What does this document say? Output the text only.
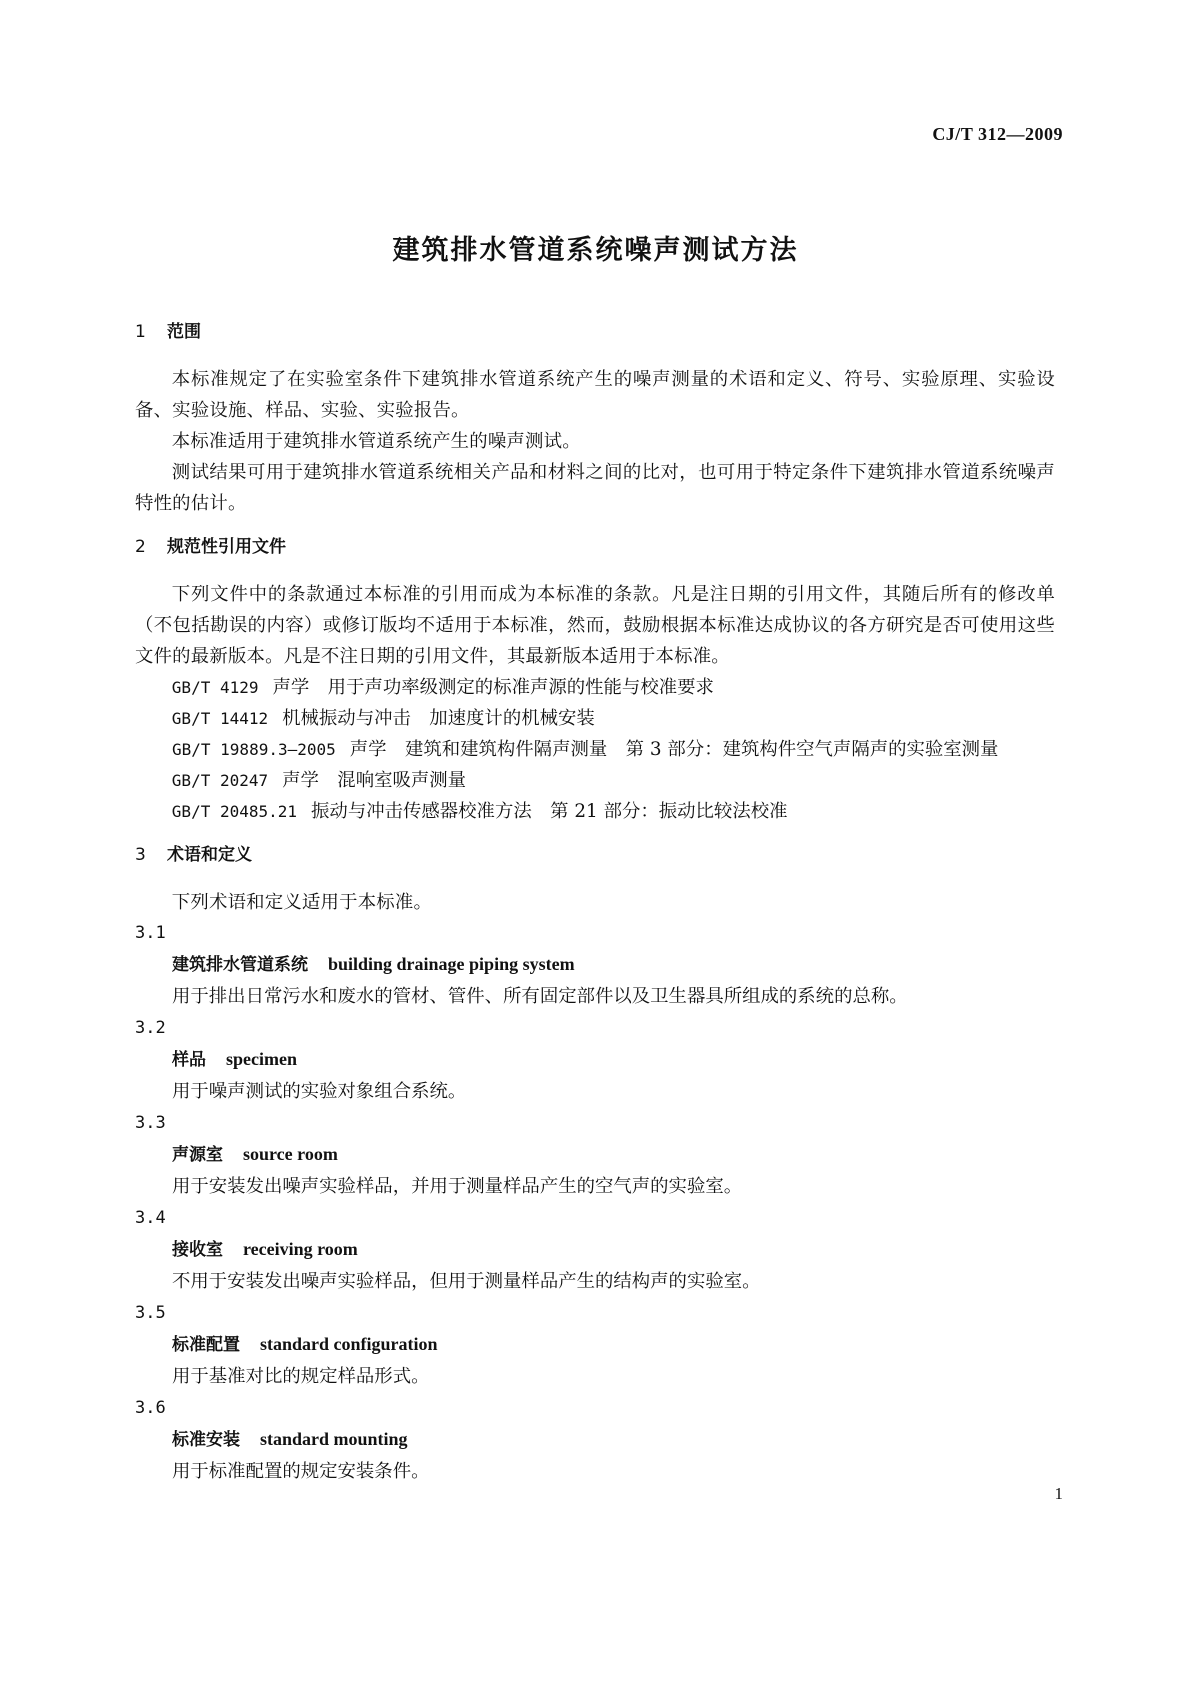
CJ/T 312—2009
建筑排水管道系统噪声测试方法
1 范围

本标准规定了在实验室条件下建筑排水管道系统产生的噪声测量的术语和定义、符号、实验原理、实验设备、实验设施、样品、实验、实验报告。

本标准适用于建筑排水管道系统产生的噪声测试。

测试结果可用于建筑排水管道系统相关产品和材料之间的比对，也可用于特定条件下建筑排水管道系统噪声特性的估计。

2 规范性引用文件

下列文件中的条款通过本标准的引用而成为本标准的条款。凡是注日期的引用文件，其随后所有的修改单（不包括勘误的内容）或修订版均不适用于本标准，然而，鼓励根据本标准达成协议的各方研究是否可使用这些文件的最新版本。凡是不注日期的引用文件，其最新版本适用于本标准。

GB/T 4129 声学　用于声功率级测定的标准声源的性能与校准要求

GB/T 14412 机械振动与冲击　加速度计的机械安装

GB/T 19889.3—2005 声学　建筑和建筑构件隔声测量　第 3 部分：建筑构件空气声隔声的实验室测量

GB/T 20247 声学　混响室吸声测量

GB/T 20485.21 振动与冲击传感器校准方法　第 21 部分：振动比较法校准

3 术语和定义

下列术语和定义适用于本标准。

3.1
建筑排水管道系统 building drainage piping system
用于排出日常污水和废水的管材、管件、所有固定部件以及卫生器具所组成的系统的总称。
3.2
样品 specimen
用于噪声测试的实验对象组合系统。
3.3
声源室 source room
用于安装发出噪声实验样品，并用于测量样品产生的空气声的实验室。
3.4
接收室 receiving room
不用于安装发出噪声实验样品，但用于测量样品产生的结构声的实验室。
3.5
标准配置 standard configuration
用于基准对比的规定样品形式。
3.6
标准安装 standard mounting
用于标准配置的规定安装条件。
1
